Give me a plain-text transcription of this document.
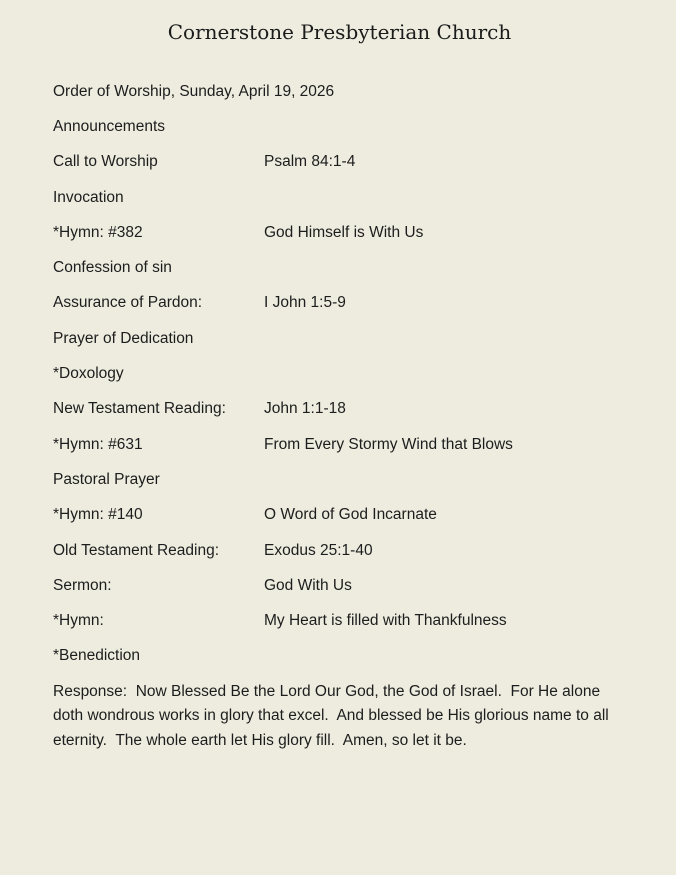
Cornerstone Presbyterian Church
Order of Worship, Sunday, April 19, 2026
Announcements
Call to Worship	Psalm 84:1-4
Invocation
*Hymn: #382	God Himself is With Us
Confession of sin
Assurance of Pardon:	I John 1:5-9
Prayer of Dedication
*Doxology
New Testament Reading:	John 1:1-18
*Hymn: #631	From Every Stormy Wind that Blows
Pastoral Prayer
*Hymn: #140	O Word of God Incarnate
Old Testament Reading:	Exodus 25:1-40
Sermon:	God With Us
*Hymn:	My Heart is filled with Thankfulness
*Benediction

Response:  Now Blessed Be the Lord Our God, the God of Israel.  For He alone doth wondrous works in glory that excel.  And blessed be His glorious name to all eternity.  The whole earth let His glory fill.  Amen, so let it be.
